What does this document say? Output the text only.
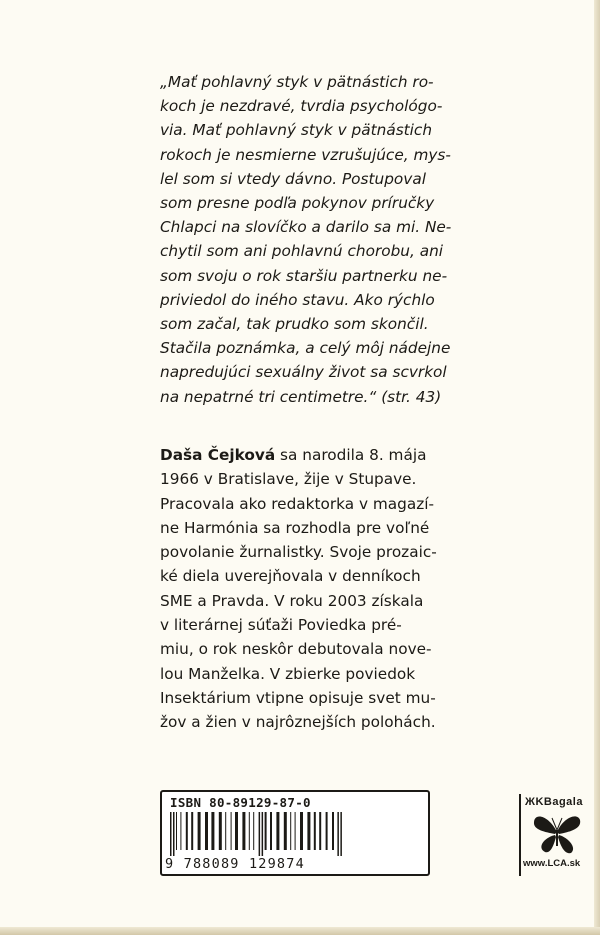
„Mať pohlavný styk v pätnástich ro-
koch je nezdravé, tvrdia psychológo-
via. Mať pohlavný styk v pätnástich
rokoch je nesmierne vzrušujúce, mys-
lel som si vtedy dávno. Postupoval
som presne podľa pokynov príručky
Chlapci na slovíčko a darilo sa mi. Ne-
chytil som ani pohlavnú chorobu, ani
som svoju o rok staršiu partnerku ne-
priviedol do iného stavu. Ako rýchlo
som začal, tak prudko som skončil.
Stačila poznámka, a celý môj nádejne
napredujúci sexuálny život sa scvrkol
na nepatrné tri centimetre.“ (str. 43)
Daša Čejková sa narodila 8. mája
1966 v Bratislave, žije v Stupave.
Pracovala ako redaktorka v magazí-
ne Harmónia sa rozhodla pre voľné
povolanie žurnalistky. Svoje prozaic-
ké diela uverejňovala v denníkoch
SME a Pravda. V roku 2003 získala
v literárnej súťaži Poviedka pré-
miu, o rok neskôr debutovala nove-
lou Manželka. V zbierke poviedok
Insektárium vtipne opisuje svet mu-
žov a žien v najrôznejších polohách.
ISBN 80-89129-87-0
9 788089 129874
ЖKBagala
www.LCA.sk
